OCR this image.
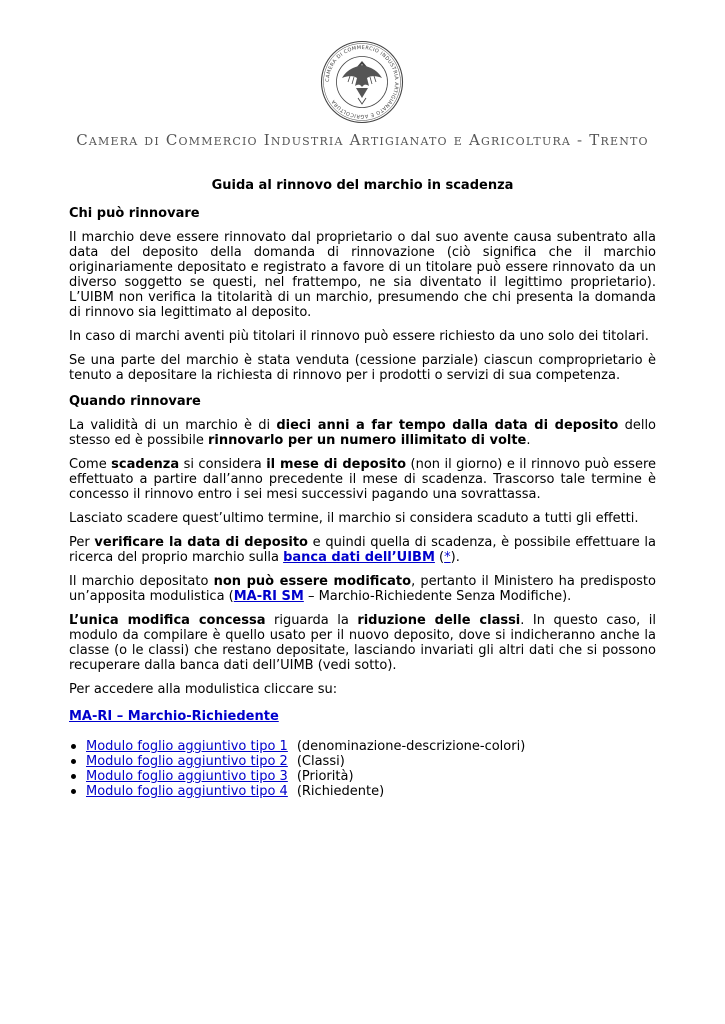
CAMERA DI COMMERCIO INDUSTRIA ARTIGIANATO E AGRICOLTURA
Camera di Commercio Industria Artigianato e Agricoltura - Trento
Guida al rinnovo del marchio in scadenza
Chi può rinnovare

Il marchio deve essere rinnovato dal proprietario o dal suo avente causa subentrato alla data del deposito della domanda di rinnovazione (ciò significa che il marchio originariamente depositato e registrato a favore di un titolare può essere rinnovato da un diverso soggetto se questi, nel frattempo, ne sia diventato il legittimo proprietario). L’UIBM non verifica la titolarità di un marchio, presumendo che chi presenta la domanda di rinnovo sia legittimato al deposito.

In caso di marchi aventi più titolari il rinnovo può essere richiesto da uno solo dei titolari.

Se una parte del marchio è stata venduta (cessione parziale) ciascun comproprietario è tenuto a depositare la richiesta di rinnovo per i prodotti o servizi di sua competenza.

Quando rinnovare

La validità di un marchio è di dieci anni a far tempo dalla data di deposito dello stesso ed è possibile rinnovarlo per un numero illimitato di volte.

Come scadenza si considera il mese di deposito (non il giorno) e il rinnovo può essere effettuato a partire dall’anno precedente il mese di scadenza. Trascorso tale termine è concesso il rinnovo entro i sei mesi successivi pagando una sovrattassa.

Lasciato scadere quest’ultimo termine, il marchio si considera scaduto a tutti gli effetti.

Per verificare la data di deposito e quindi quella di scadenza, è possibile effettuare la ricerca del proprio marchio sulla banca dati dell’UIBM (*).

Il marchio depositato non può essere modificato, pertanto il Ministero ha predisposto un’apposita modulistica (MA-RI SM – Marchio-Richiedente Senza Modifiche).

L’unica modifica concessa riguarda la riduzione delle classi. In questo caso, il modulo da compilare è quello usato per il nuovo deposito, dove si indicheranno anche la classe (o le classi) che restano depositate, lasciando invariati gli altri dati che si possono recuperare dalla banca dati dell’UIMB (vedi sotto).

Per accedere alla modulistica cliccare su:

MA-RI – Marchio-Richiedente
Modulo foglio aggiuntivo tipo 1 (denominazione-descrizione-colori)
Modulo foglio aggiuntivo tipo 2 (Classi)
Modulo foglio aggiuntivo tipo 3 (Priorità)
Modulo foglio aggiuntivo tipo 4 (Richiedente)
